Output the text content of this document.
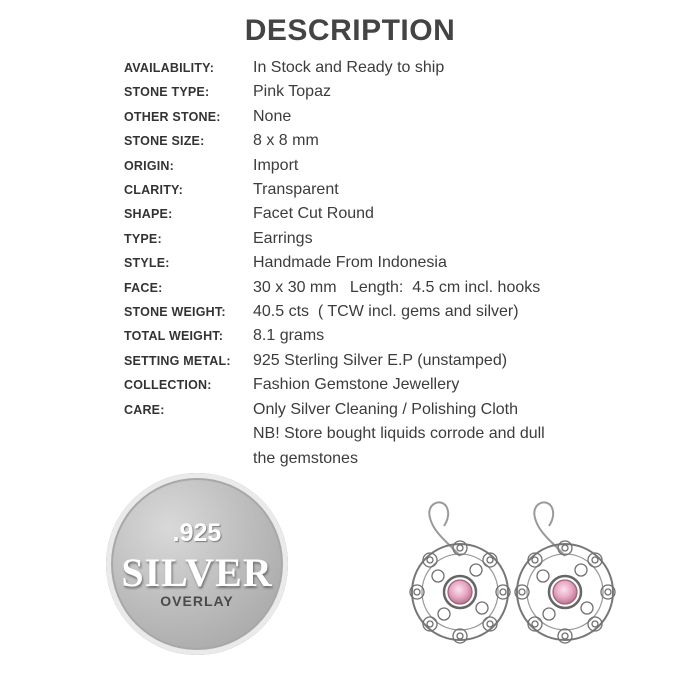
DESCRIPTION
AVAILABILITY:	In Stock and Ready to ship
STONE TYPE:	Pink Topaz
OTHER STONE:	None
STONE SIZE:	8 x 8 mm
ORIGIN:	Import
CLARITY:	Transparent
SHAPE:	Facet Cut Round
TYPE:	Earrings
STYLE:	Handmade From Indonesia
FACE:	30 x 30 mm   Length:  4.5 cm incl. hooks
STONE WEIGHT:	40.5 cts  ( TCW incl. gems and silver)
TOTAL WEIGHT:	8.1 grams
SETTING METAL:	925 Sterling Silver E.P (unstamped)
COLLECTION:	Fashion Gemstone Jewellery
CARE:	Only Silver Cleaning / Polishing Cloth
NB! Store bought liquids corrode and dull
the gemstones
.925
SILVER
OVERLAY
